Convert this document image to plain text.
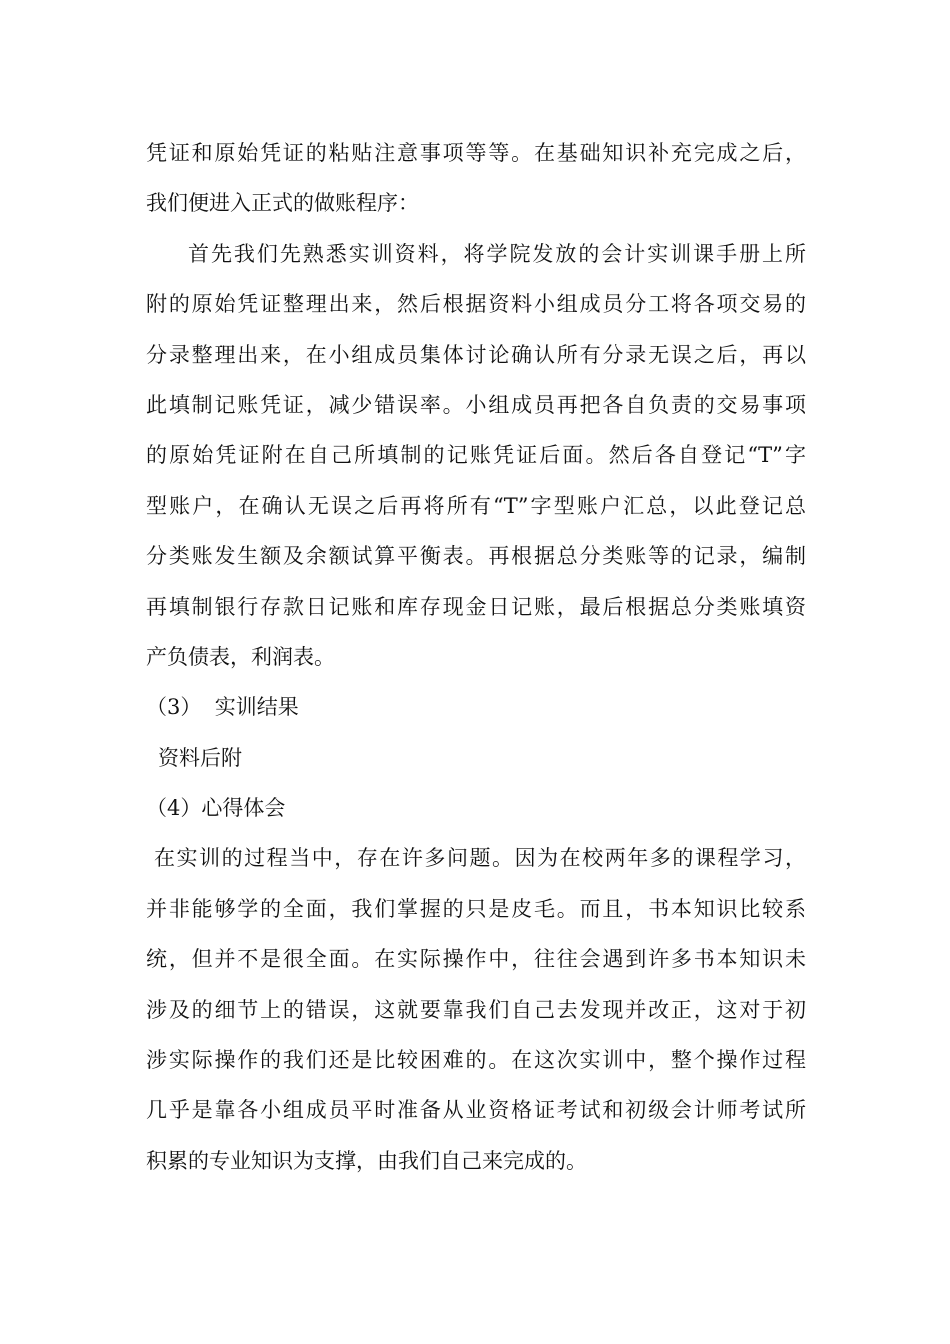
凭证和原始凭证的粘贴注意事项等等。在基础知识补充完成之后，
我们便进入正式的做账程序：
首先我们先熟悉实训资料，将学院发放的会计实训课手册上所
附的原始凭证整理出来，然后根据资料小组成员分工将各项交易的
分录整理出来，在小组成员集体讨论确认所有分录无误之后，再以
此填制记账凭证，减少错误率。小组成员再把各自负责的交易事项
的原始凭证附在自己所填制的记账凭证后面。然后各自登记“T”字
型账户，在确认无误之后再将所有“T”字型账户汇总，以此登记总
分类账发生额及余额试算平衡表。再根据总分类账等的记录，编制
再填制银行存款日记账和库存现金日记账，最后根据总分类账填资
产负债表，利润表。
（3）  实训结果
资料后附
（4）心得体会
在实训的过程当中，存在许多问题。因为在校两年多的课程学习，
并非能够学的全面，我们掌握的只是皮毛。而且，书本知识比较系
统，但并不是很全面。在实际操作中，往往会遇到许多书本知识未
涉及的细节上的错误，这就要靠我们自己去发现并改正，这对于初
涉实际操作的我们还是比较困难的。在这次实训中，整个操作过程
几乎是靠各小组成员平时准备从业资格证考试和初级会计师考试所
积累的专业知识为支撑，由我们自己来完成的。
